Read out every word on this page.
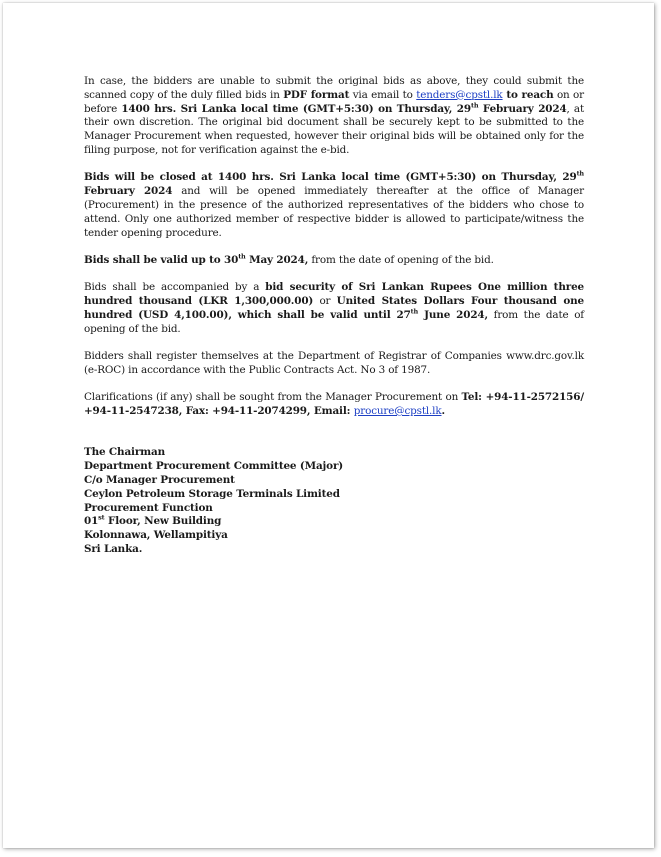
In case, the bidders are unable to submit the original bids as above, they could submit the scanned copy of the duly filled bids in PDF format via email to tenders@cpstl.lk to reach on or before 1400 hrs. Sri Lanka local time (GMT+5:30) on Thursday, 29th February 2024, at their own discretion. The original bid document shall be securely kept to be submitted to the Manager Procurement when requested, however their original bids will be obtained only for the filing purpose, not for verification against the e-bid.

Bids will be closed at 1400 hrs. Sri Lanka local time (GMT+5:30) on Thursday, 29th February 2024 and will be opened immediately thereafter at the office of Manager (Procurement) in the presence of the authorized representatives of the bidders who chose to attend. Only one authorized member of respective bidder is allowed to participate/witness the tender opening procedure.

Bids shall be valid up to 30th May 2024, from the date of opening of the bid.

Bids shall be accompanied by a bid security of Sri Lankan Rupees One million three hundred thousand (LKR 1,300,000.00) or United States Dollars Four thousand one hundred (USD 4,100.00), which shall be valid until 27th June 2024, from the date of opening of the bid.

Bidders shall register themselves at the Department of Registrar of Companies www.drc.gov.lk (e-ROC) in accordance with the Public Contracts Act. No 3 of 1987.

Clarifications (if any) shall be sought from the Manager Procurement on Tel: +94-11-2572156/ +94-11-2547238, Fax: +94-11-2074299, Email: procure@cpstl.lk.

The Chairman
Department Procurement Committee (Major)
C/o Manager Procurement
Ceylon Petroleum Storage Terminals Limited
Procurement Function
01st Floor, New Building
Kolonnawa, Wellampitiya
Sri Lanka.
